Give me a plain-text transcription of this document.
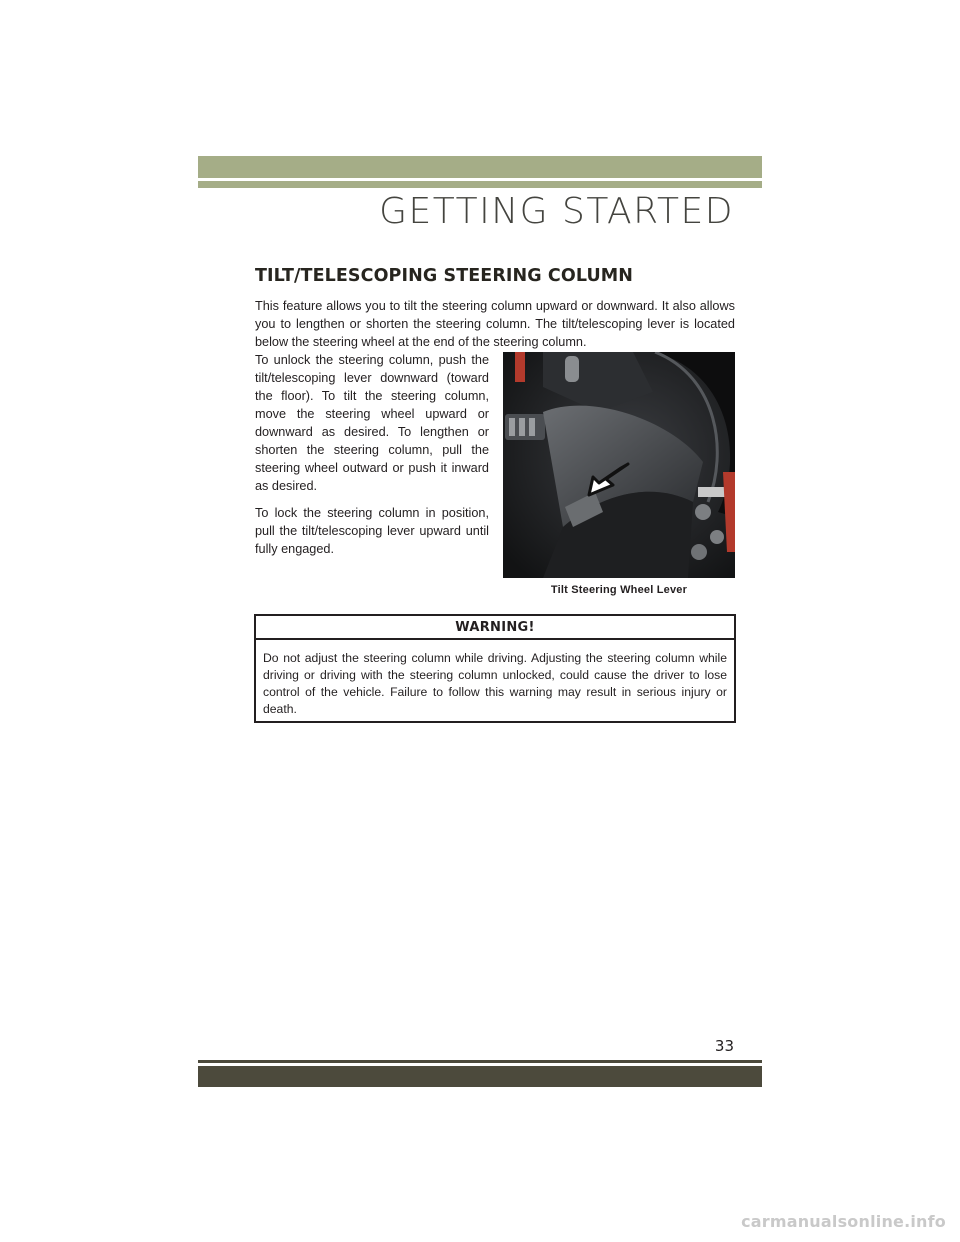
GETTING STARTED
TILT/TELESCOPING STEERING COLUMN

This feature allows you to tilt the steering column upward or downward. It also allows you to lengthen or shorten the steering column. The tilt/telescoping lever is located below the steering wheel at the end of the steering column.

To unlock the steering column, push the tilt/telescoping lever downward (toward the floor). To tilt the steering column, move the steering wheel upward or downward as desired. To lengthen or shorten the steering column, pull the steering wheel outward or push it inward as desired.

To lock the steering column in position, pull the tilt/telescoping lever upward until fully engaged.

Tilt Steering Wheel Lever
WARNING!

Do not adjust the steering column while driving. Adjusting the steering column while driving or driving with the steering column unlocked, could cause the driver to lose control of the vehicle. Failure to follow this warning may result in serious injury or death.

33
carmanualsonline.info
